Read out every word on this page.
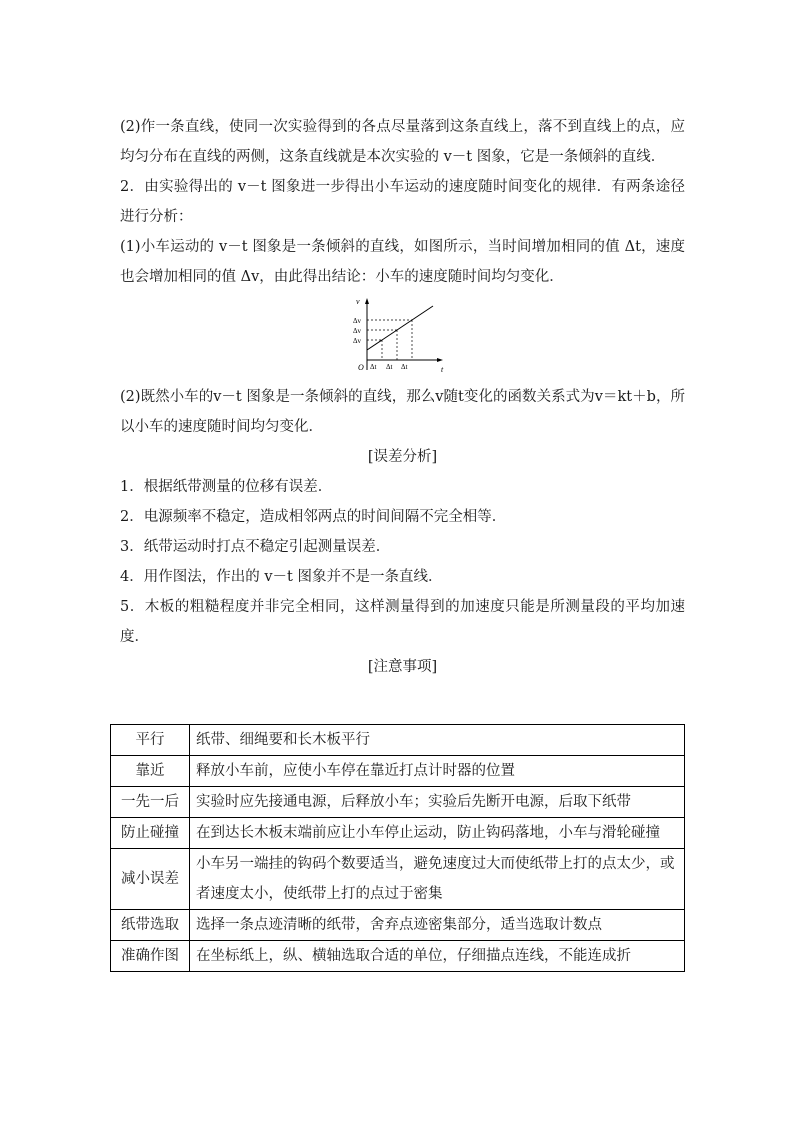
(2)作一条直线，使同一次实验得到的各点尽量落到这条直线上，落不到直线上的点，应均匀分布在直线的两侧，这条直线就是本次实验的 v－t 图象，它是一条倾斜的直线．

2．由实验得出的 v－t 图象进一步得出小车运动的速度随时间变化的规律．有两条途径进行分析：

(1)小车运动的 v－t 图象是一条倾斜的直线，如图所示，当时间增加相同的值 Δt，速度也会增加相同的值 Δv，由此得出结论：小车的速度随时间均匀变化．

v
t
O
Δv
Δv
Δv
Δt Δt Δt

(2)既然小车的v－t 图象是一条倾斜的直线，那么v随t变化的函数关系式为v＝kt＋b，所以小车的速度随时间均匀变化．

[误差分析]

1．根据纸带测量的位移有误差．

2．电源频率不稳定，造成相邻两点的时间间隔不完全相等．

3．纸带运动时打点不稳定引起测量误差．

4．用作图法，作出的 v－t 图象并不是一条直线．

5．木板的粗糙程度并非完全相同，这样测量得到的加速度只能是所测量段的平均加速度．

[注意事项]

平行	纸带、细绳要和长木板平行
靠近	释放小车前，应使小车停在靠近打点计时器的位置
一先一后	实验时应先接通电源，后释放小车；实验后先断开电源，后取下纸带
防止碰撞	在到达长木板末端前应让小车停止运动，防止钩码落地，小车与滑轮碰撞
减小误差	小车另一端挂的钩码个数要适当，避免速度过大而使纸带上打的点太少，或者速度太小，使纸带上打的点过于密集
纸带选取	选择一条点迹清晰的纸带，舍弃点迹密集部分，适当选取计数点
准确作图	在坐标纸上，纵、横轴选取合适的单位，仔细描点连线，不能连成折
